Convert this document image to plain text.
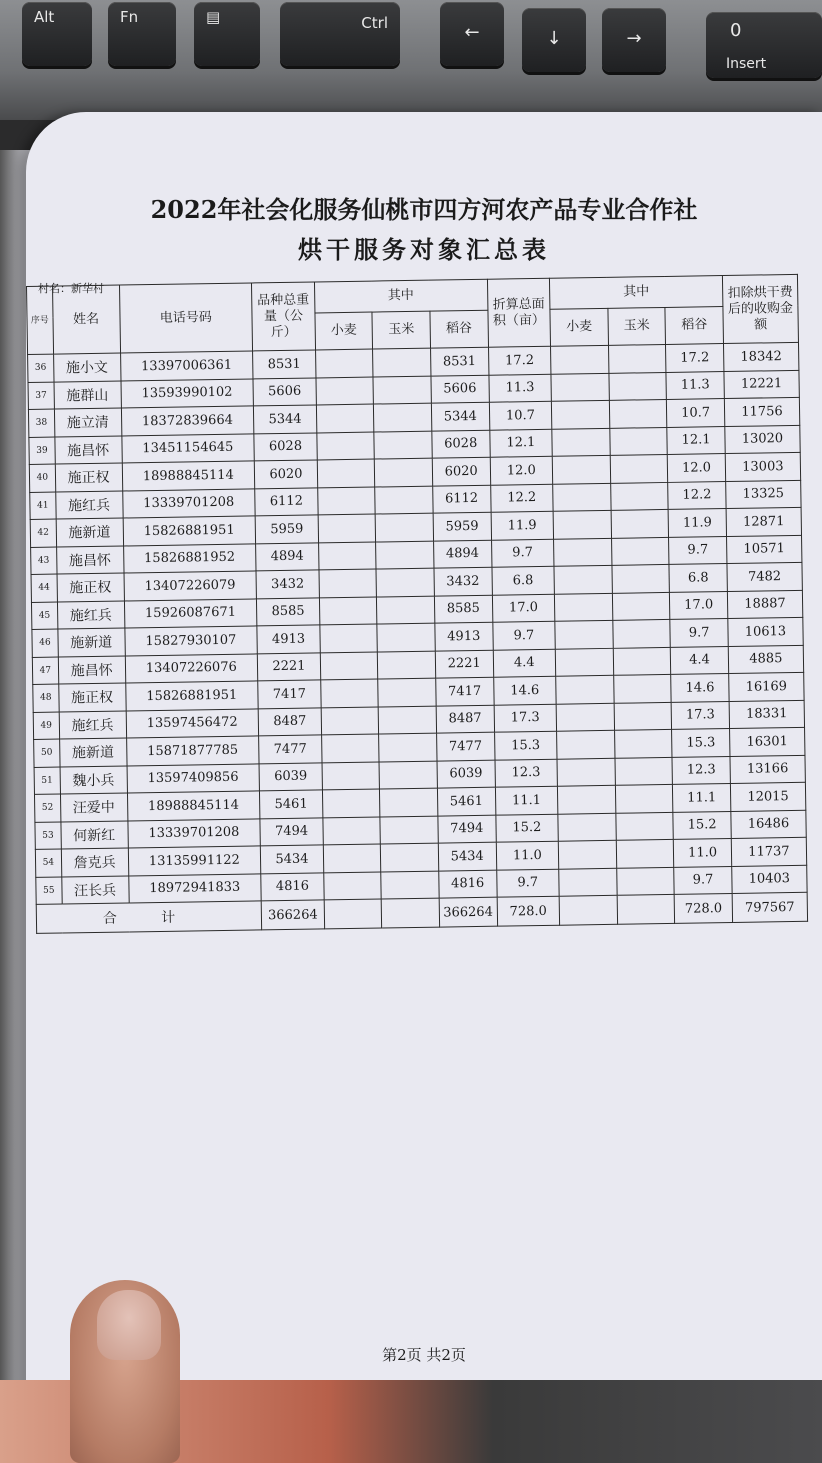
Alt	Fn	▤	Ctrl	←	↓	→	0
Insert
2022年社会化服务仙桃市四方河农产品专业合作社
烘干服务对象汇总表
村名：新华村
序号	姓名	电话号码	品种总重量（公斤）	其中			折算总面积（亩）	其中			扣除烘干费后的收购金额
				小麦	玉米	稻谷		小麦	玉米	稻谷	
36	施小文	13397006361	8531			8531	17.2			17.2	18342
37	施群山	13593990102	5606			5606	11.3			11.3	12221
38	施立清	18372839664	5344			5344	10.7			10.7	11756
39	施昌怀	13451154645	6028			6028	12.1			12.1	13020
40	施正权	18988845114	6020			6020	12.0			12.0	13003
41	施红兵	13339701208	6112			6112	12.2			12.2	13325
42	施新道	15826881951	5959			5959	11.9			11.9	12871
43	施昌怀	15826881952	4894			4894	9.7			9.7	10571
44	施正权	13407226079	3432			3432	6.8			6.8	7482
45	施红兵	15926087671	8585			8585	17.0			17.0	18887
46	施新道	15827930107	4913			4913	9.7			9.7	10613
47	施昌怀	13407226076	2221			2221	4.4			4.4	4885
48	施正权	15826881951	7417			7417	14.6			14.6	16169
49	施红兵	13597456472	8487			8487	17.3			17.3	18331
50	施新道	15871877785	7477			7477	15.3			15.3	16301
51	魏小兵	13597409856	6039			6039	12.3			12.3	13166
52	汪爱中	18988845114	5461			5461	11.1			11.1	12015
53	何新红	13339701208	7494			7494	15.2			15.2	16486
54	詹克兵	13135991122	5434			5434	11.0			11.0	11737
55	汪长兵	18972941833	4816			4816	9.7			9.7	10403
合 计			366264			366264	728.0			728.0	797567
第2页 共2页
